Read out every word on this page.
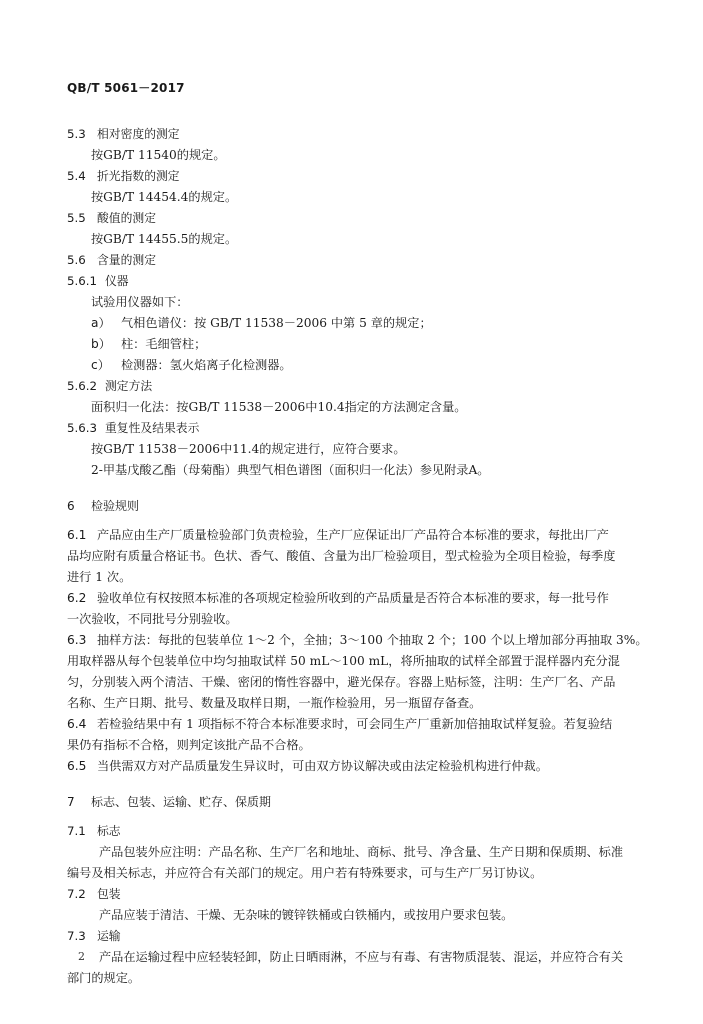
QB/T 5061－2017
5.3 相对密度的测定
按GB/T 11540的规定。
5.4 折光指数的测定
按GB/T 14454.4的规定。
5.5 酸值的测定
按GB/T 14455.5的规定。
5.6 含量的测定
5.6.1 仪器
试验用仪器如下：
a） 气相色谱仪：按 GB/T 11538－2006 中第 5 章的规定；
b） 柱：毛细管柱；
c） 检测器：氢火焰离子化检测器。
5.6.2 测定方法
面积归一化法：按GB/T 11538－2006中10.4指定的方法测定含量。
5.6.3 重复性及结果表示
按GB/T 11538－2006中11.4的规定进行，应符合要求。
2-甲基戊酸乙酯（母菊酯）典型气相色谱图（面积归一化法）参见附录A。
6 检验规则
6.1 产品应由生产厂质量检验部门负责检验，生产厂应保证出厂产品符合本标准的要求，每批出厂产
品均应附有质量合格证书。色状、香气、酸值、含量为出厂检验项目，型式检验为全项目检验，每季度
进行 1 次。
6.2 验收单位有权按照本标准的各项规定检验所收到的产品质量是否符合本标准的要求，每一批号作
一次验收，不同批号分别验收。
6.3 抽样方法：每批的包装单位 1～2 个，全抽；3～100 个抽取 2 个；100 个以上增加部分再抽取 3%。
用取样器从每个包装单位中均匀抽取试样 50 mL～100 mL，将所抽取的试样全部置于混样器内充分混
匀，分别装入两个清洁、干燥、密闭的惰性容器中，避光保存。容器上贴标签，注明：生产厂名、产品
名称、生产日期、批号、数量及取样日期，一瓶作检验用，另一瓶留存备查。
6.4 若检验结果中有 1 项指标不符合本标准要求时，可会同生产厂重新加倍抽取试样复验。若复验结
果仍有指标不合格，则判定该批产品不合格。
6.5 当供需双方对产品质量发生异议时，可由双方协议解决或由法定检验机构进行仲裁。
7 标志、包装、运输、贮存、保质期
7.1 标志
产品包装外应注明：产品名称、生产厂名和地址、商标、批号、净含量、生产日期和保质期、标准
编号及相关标志，并应符合有关部门的规定。用户若有特殊要求，可与生产厂另订协议。
7.2 包装
产品应装于清洁、干燥、无杂味的镀锌铁桶或白铁桶内，或按用户要求包装。
7.3 运输
产品在运输过程中应轻装轻卸，防止日晒雨淋，不应与有毒、有害物质混装、混运，并应符合有关
部门的规定。
2
